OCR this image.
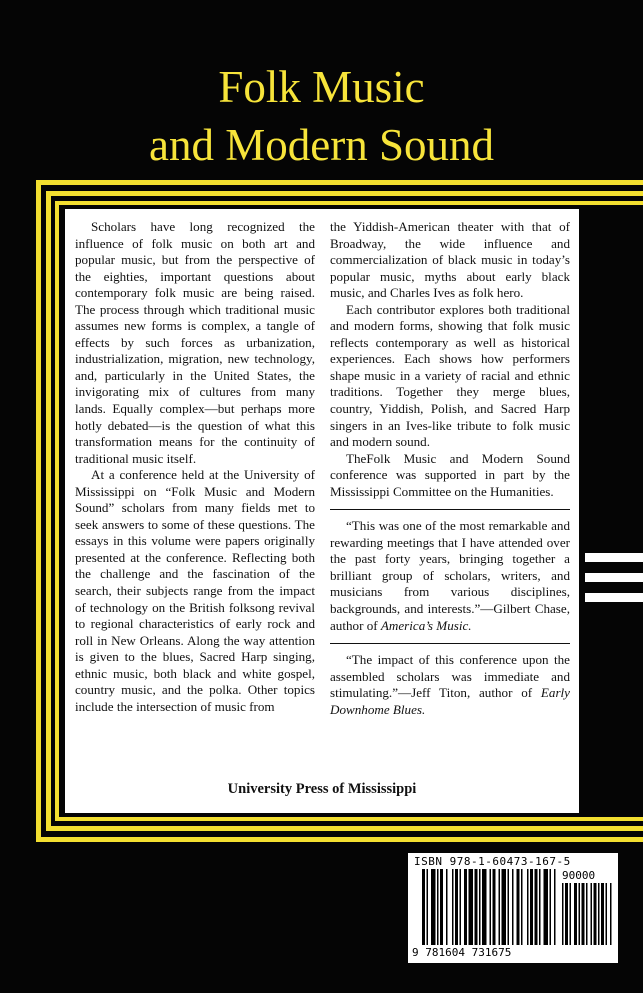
Folk Music
and Modern Sound

Scholars have long recognized the influence of folk music on both art and popular music, but from the perspective of the eighties, important questions about contemporary folk music are being raised. The process through which traditional music assumes new forms is complex, a tangle of effects by such forces as urbanization, industrialization, migration, new technology, and, particularly in the United States, the invigorating mix of cultures from many lands. Equally complex—but perhaps more hotly debated—is the question of what this transformation means for the continuity of traditional music itself.

At a conference held at the University of Mississippi on “Folk Music and Modern Sound” scholars from many fields met to seek answers to some of these questions. The essays in this volume were papers originally presented at the conference. Reflecting both the challenge and the fascination of the search, their subjects range from the impact of technology on the British folksong revival to regional characteristics of early rock and roll in New Orleans. Along the way attention is given to the blues, Sacred Harp singing, ethnic music, both black and white gospel, country music, and the polka. Other topics include the intersection of music from

the Yiddish-American theater with that of Broadway, the wide influence and commercialization of black music in today’s popular music, myths about early black music, and Charles Ives as folk hero.

Each contributor explores both traditional and modern forms, showing that folk music reflects contemporary as well as historical experiences. Each shows how performers shape music in a variety of racial and ethnic traditions. Together they merge blues, country, Yiddish, Polish, and Sacred Harp singers in an Ives-like tribute to folk music and modern sound.

TheFolk Music and Modern Sound conference was supported in part by the Mississippi Committee on the Humanities.

“This was one of the most remarkable and rewarding meetings that I have attended over the past forty years, bringing together a brilliant group of scholars, writers, and musicians from various disciplines, backgrounds, and interests.”—Gilbert Chase, author of America’s Music.

“The impact of this conference upon the assembled scholars was immediate and stimulating.”—Jeff Titon, author of Early Downhome Blues.

University Press of Mississippi
ISBN 978-1-60473-167-5
90000
9 781604 731675
